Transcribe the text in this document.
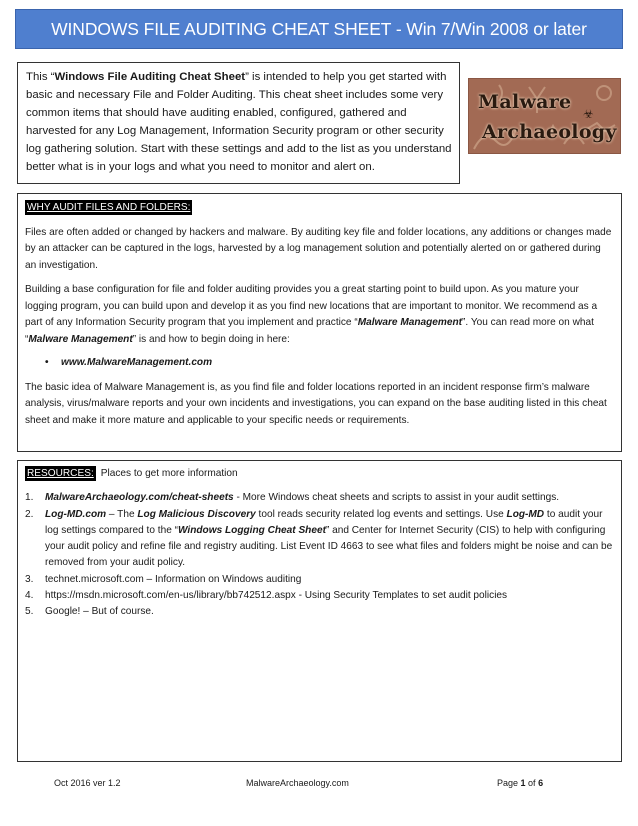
WINDOWS FILE AUDITING CHEAT SHEET - Win 7/Win 2008 or later
This “Windows File Auditing Cheat Sheet” is intended to help you get started with basic and necessary File and Folder Auditing. This cheat sheet includes some very common items that should have auditing enabled, configured, gathered and harvested for any Log Management, Information Security program or other security log gathering solution. Start with these settings and add to the list as you understand better what is in your logs and what you need to monitor and alert on.
Malware
Archaeology
☣
WHY AUDIT FILES AND FOLDERS:

Files are often added or changed by hackers and malware. By auditing key file and folder locations, any additions or changes made by an attacker can be captured in the logs, harvested by a log management solution and potentially alerted on or gathered during an investigation.

Building a base configuration for file and folder auditing provides you a great starting point to build upon. As you mature your logging program, you can build upon and develop it as you find new locations that are important to monitor. We recommend as a part of any Information Security program that you implement and practice “Malware Management”. You can read more on what “Malware Management” is and how to begin doing in here:

•	www.MalwareManagement.com

The basic idea of Malware Management is, as you find file and folder locations reported in an incident response firm’s malware analysis, virus/malware reports and your own incidents and investigations, you can expand on the base auditing listed in this cheat sheet and make it more mature and applicable to your specific needs or requirements.

RESOURCES: Places to get more information
1.	MalwareArchaeology.com/cheat-sheets - More Windows cheat sheets and scripts to assist in your audit settings.
2.	Log-MD.com – The Log Malicious Discovery tool reads security related log events and settings. Use Log-MD to audit your log settings compared to the “Windows Logging Cheat Sheet” and Center for Internet Security (CIS) to help with configuring your audit policy and refine file and registry auditing. List Event ID 4663 to see what files and folders might be noise and can be removed from your audit policy.
3.	technet.microsoft.com – Information on Windows auditing
4.	https://msdn.microsoft.com/en-us/library/bb742512.aspx - Using Security Templates to set audit policies
5.	Google! – But of course.
Oct 2016 ver 1.2	MalwareArchaeology.com	Page 1 of 6
